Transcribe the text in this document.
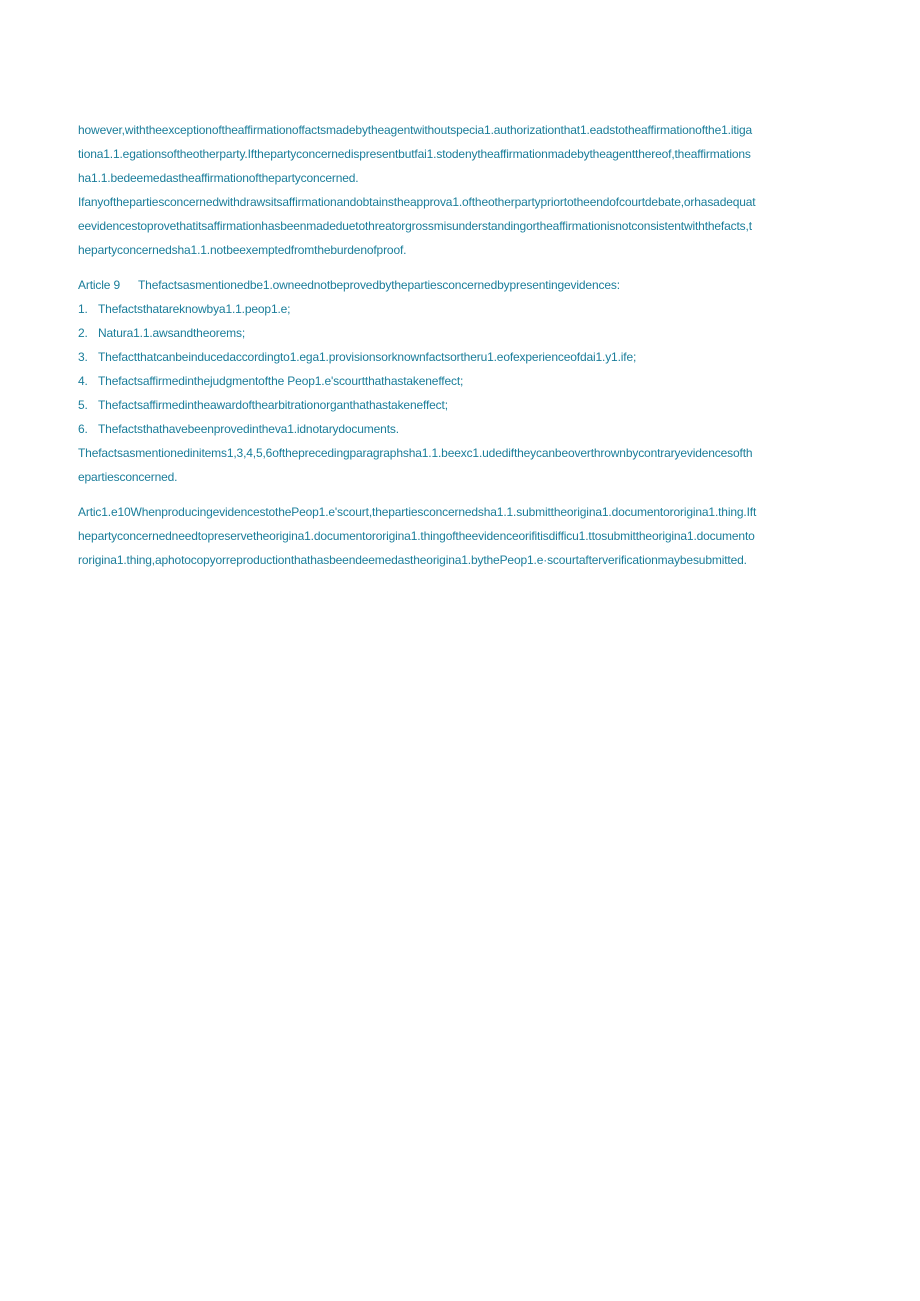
however,withtheexceptionoftheaffirmationoffactsmadebytheagentwithoutspecia1.authorizationthat1.eadstotheaffirmationofthe1.itiga
tiona1.1.egationsoftheotherparty.Ifthepartyconcernedispresentbutfai1.stodenytheaffirmationmadebytheagentthereof,theaffirmations
ha1.1.bedeemedastheaffirmationofthepartyconcerned.
Ifanyofthepartiesconcernedwithdrawsitsaffirmationandobtainstheapprova1.oftheotherpartypriortotheendofcourtdebate,orhasadequat
eevidencestoprovethatitsaffirmationhasbeenmadeduetothreatorgrossmisunderstandingortheaffirmationisnotconsistentwiththefacts,t
hepartyconcernedsha1.1.notbeexemptedfromtheburdenofproof.
Article 9 Thefactsasmentionedbe1.owneednotbeprovedbythepartiesconcernedbypresentingevidences:
1. Thefactsthatareknowbya1.1.peop1.e;
2. Natura1.1.awsandtheorems;
3. Thefactthatcanbeinducedaccordingto1.ega1.provisionsorknownfactsortheru1.eofexperienceofdai1.y1.ife;
4. Thefactsaffirmedinthejudgmentofthe Peop1.e'scourtthathastakeneffect;
5. Thefactsaffirmedintheawardofthearbitrationorganthathastakeneffect;
6. Thefactsthathavebeenprovedintheva1.idnotarydocuments.
Thefactsasmentionedinitems1,3,4,5,6oftheprecedingparagraphsha1.1.beexc1.udediftheycanbeoverthrownbycontraryevidencesofth
epartiesconcerned.
Artic1.e10WhenproducingevidencestothePeop1.e'scourt,thepartiesconcernedsha1.1.submittheorigina1.documentororigina1.thing.Ift
hepartyconcernedneedtopreservetheorigina1.documentororigina1.thingoftheevidenceorifitisdifficu1.ttosubmittheorigina1.documento
rorigina1.thing,aphotocopyorreproductionthathasbeendeemedastheorigina1.bythePeop1.e·scourtafterverificationmaybesubmitted.
